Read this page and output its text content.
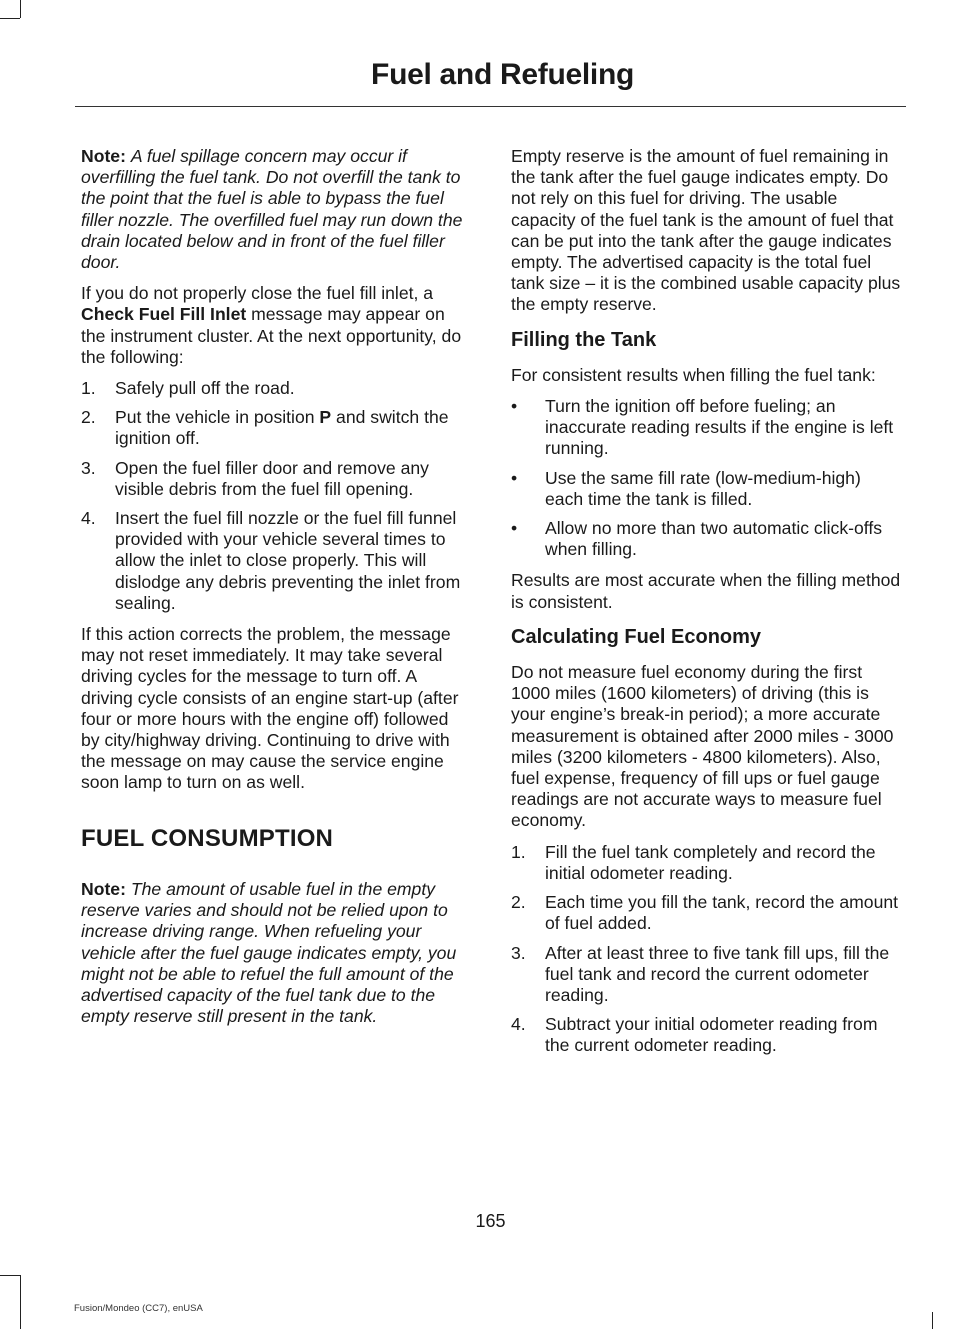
Fuel and Refueling

Note: A fuel spillage concern may occur if overfilling the fuel tank. Do not overfill the tank to the point that the fuel is able to bypass the fuel filler nozzle. The overfilled fuel may run down the drain located below and in front of the fuel filler door.

If you do not properly close the fuel fill inlet, a Check Fuel Fill Inlet message may appear on the instrument cluster. At the next opportunity, do the following:

1. Safely pull off the road.
2. Put the vehicle in position P and switch the ignition off.
3. Open the fuel filler door and remove any visible debris from the fuel fill opening.
4. Insert the fuel fill nozzle or the fuel fill funnel provided with your vehicle several times to allow the inlet to close properly. This will dislodge any debris preventing the inlet from sealing.

If this action corrects the problem, the message may not reset immediately. It may take several driving cycles for the message to turn off. A driving cycle consists of an engine start-up (after four or more hours with the engine off) followed by city/highway driving. Continuing to drive with the message on may cause the service engine soon lamp to turn on as well.

FUEL CONSUMPTION

Note: The amount of usable fuel in the empty reserve varies and should not be relied upon to increase driving range. When refueling your vehicle after the fuel gauge indicates empty, you might not be able to refuel the full amount of the advertised capacity of the fuel tank due to the empty reserve still present in the tank.

Empty reserve is the amount of fuel remaining in the tank after the fuel gauge indicates empty. Do not rely on this fuel for driving. The usable capacity of the fuel tank is the amount of fuel that can be put into the tank after the gauge indicates empty. The advertised capacity is the total fuel tank size – it is the combined usable capacity plus the empty reserve.

Filling the Tank

For consistent results when filling the fuel tank:

• Turn the ignition off before fueling; an inaccurate reading results if the engine is left running.
• Use the same fill rate (low-medium-high) each time the tank is filled.
• Allow no more than two automatic click-offs when filling.

Results are most accurate when the filling method is consistent.

Calculating Fuel Economy

Do not measure fuel economy during the first 1000 miles (1600 kilometers) of driving (this is your engine’s break-in period); a more accurate measurement is obtained after 2000 miles - 3000 miles (3200 kilometers - 4800 kilometers). Also, fuel expense, frequency of fill ups or fuel gauge readings are not accurate ways to measure fuel economy.

1. Fill the fuel tank completely and record the initial odometer reading.
2. Each time you fill the tank, record the amount of fuel added.
3. After at least three to five tank fill ups, fill the fuel tank and record the current odometer reading.
4. Subtract your initial odometer reading from the current odometer reading.
165
Fusion/Mondeo (CC7), enUSA
